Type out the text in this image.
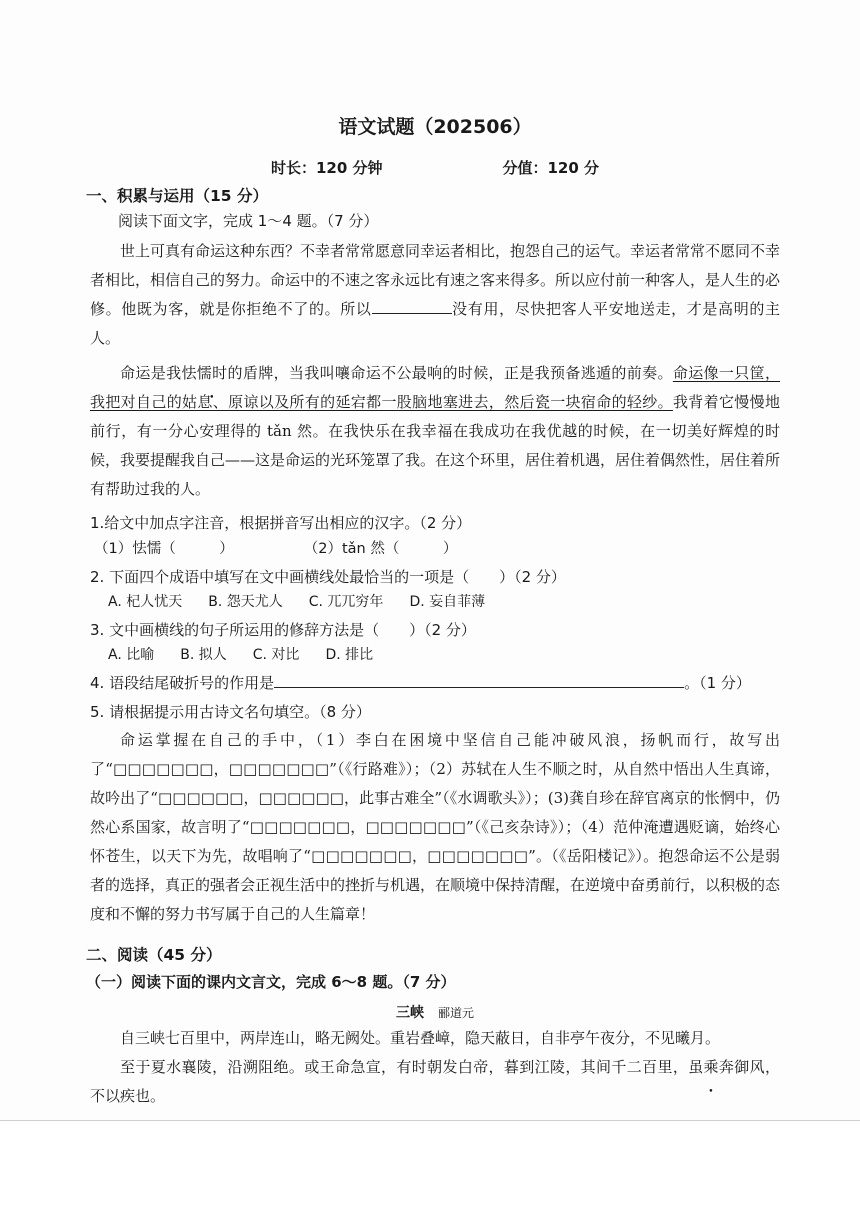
语文试题（202506）
时长：120 分钟	分值：120 分
一、积累与运用（15 分）
阅读下面文字，完成 1～4 题。（7 分）

世上可真有命运这种东西？不幸者常常愿意同幸运者相比，抱怨自己的运气。幸运者常常不愿同不幸者相比，相信自己的努力。命运中的不速之客永远比有速之客来得多。所以应付前一种客人，是人生的必修。他既为客，就是你拒绝不了的。所以	没有用，尽快把客人平安地送走，才是高明的主人。

命运是我怯懦时的盾牌，当我叫嚷命运不公最响的时候，正是我预备逃遁的前奏。命运像一只筐，我把对自己的姑息、原谅以及所有的延宕都一股脑地塞进去，然后瓷一块宿命的轻纱。我背着它慢慢地前行，有一分心安理得的 tǎn 然。在我快乐在我幸福在我成功在我优越的时候，在一切美好辉煌的时候，我要提醒我自己——这是命运的光环笼罩了我。在这个环里，居住着机遇，居住着偶然性，居住着所有帮助过我的人。

1.给文中加点字注音，根据拼音写出相应的汉字。（2 分）
（1）怯懦（　　　）	（2）tǎn 然（　　　）
2. 下面四个成语中填写在文中画横线处最恰当的一项是（　　）（2 分）
A. 杞人忧天 B. 怨天尤人 C. 兀兀穷年 D. 妄自菲薄
3. 文中画横线的句子所运用的修辞方法是（　　）（2 分）
A. 比喻 B. 拟人 C. 对比 D. 排比
4. 语段结尾破折号的作用是	。（1 分）
5. 请根据提示用古诗文名句填空。（8 分）

命运掌握在自己的手中，（1）李白在困境中坚信自己能冲破风浪，扬帆而行，故写出了“□□□□□□□，□□□□□□□”（《行路难》）；（2）苏轼在人生不顺之时，从自然中悟出人生真谛，故吟出了“□□□□□□，□□□□□□，此事古难全”（《水调歌头》）；(3)龚自珍在辞官离京的怅惘中，仍然心系国家，故言明了“□□□□□□□，□□□□□□□”（《己亥杂诗》）；（4）范仲淹遭遇贬谪，始终心怀苍生，以天下为先，故唱响了“□□□□□□□，□□□□□□□”。（《岳阳楼记》）。抱怨命运不公是弱者的选择，真正的强者会正视生活中的挫折与机遇，在顺境中保持清醒，在逆境中奋勇前行，以积极的态度和不懈的努力书写属于自己的人生篇章！

二、阅读（45 分）
（一）阅读下面的课内文言文，完成 6～8 题。（7 分）
三峡 郦道元

自三峡七百里中，两岸连山，略无阙处。重岩叠嶂，隐天蔽日，自非亭午夜分，不见曦月。

至于夏水襄陵，沿溯阻绝。或王命急宣，有时朝发白帝，暮到江陵，其间千二百里，虽乘奔御风，不以疾也。
